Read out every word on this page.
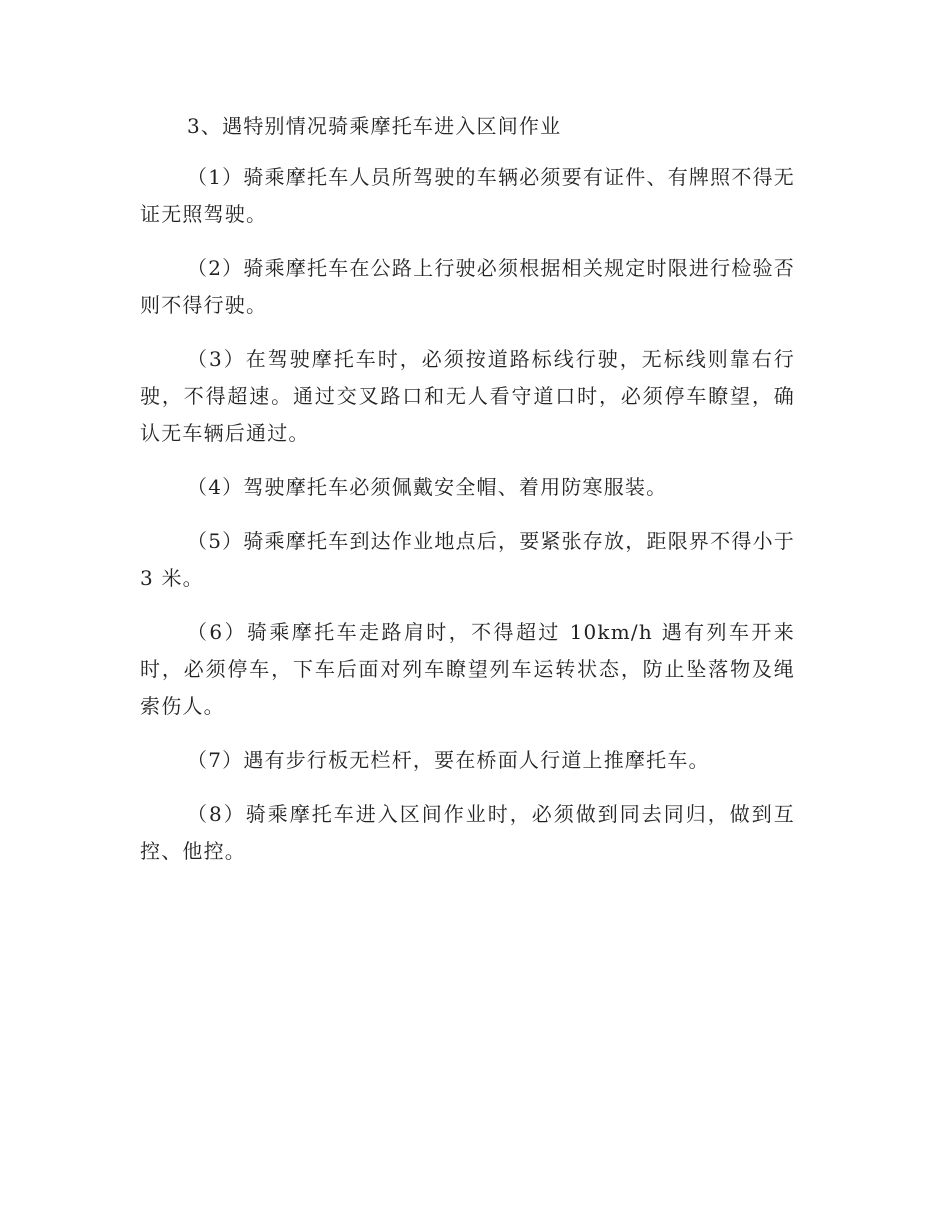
3、遇特别情况骑乘摩托车进入区间作业

（1）骑乘摩托车人员所驾驶的车辆必须要有证件、有牌照不得无证无照驾驶。

（2）骑乘摩托车在公路上行驶必须根据相关规定时限进行检验否则不得行驶。

（3）在驾驶摩托车时，必须按道路标线行驶，无标线则靠右行驶，不得超速。通过交叉路口和无人看守道口时，必须停车瞭望，确认无车辆后通过。

（4）驾驶摩托车必须佩戴安全帽、着用防寒服装。

（5）骑乘摩托车到达作业地点后，要紧张存放，距限界不得小于 3 米。

（6）骑乘摩托车走路肩时，不得超过 10km/h 遇有列车开来时，必须停车，下车后面对列车瞭望列车运转状态，防止坠落物及绳索伤人。

（7）遇有步行板无栏杆，要在桥面人行道上推摩托车。

（8）骑乘摩托车进入区间作业时，必须做到同去同归，做到互控、他控。
